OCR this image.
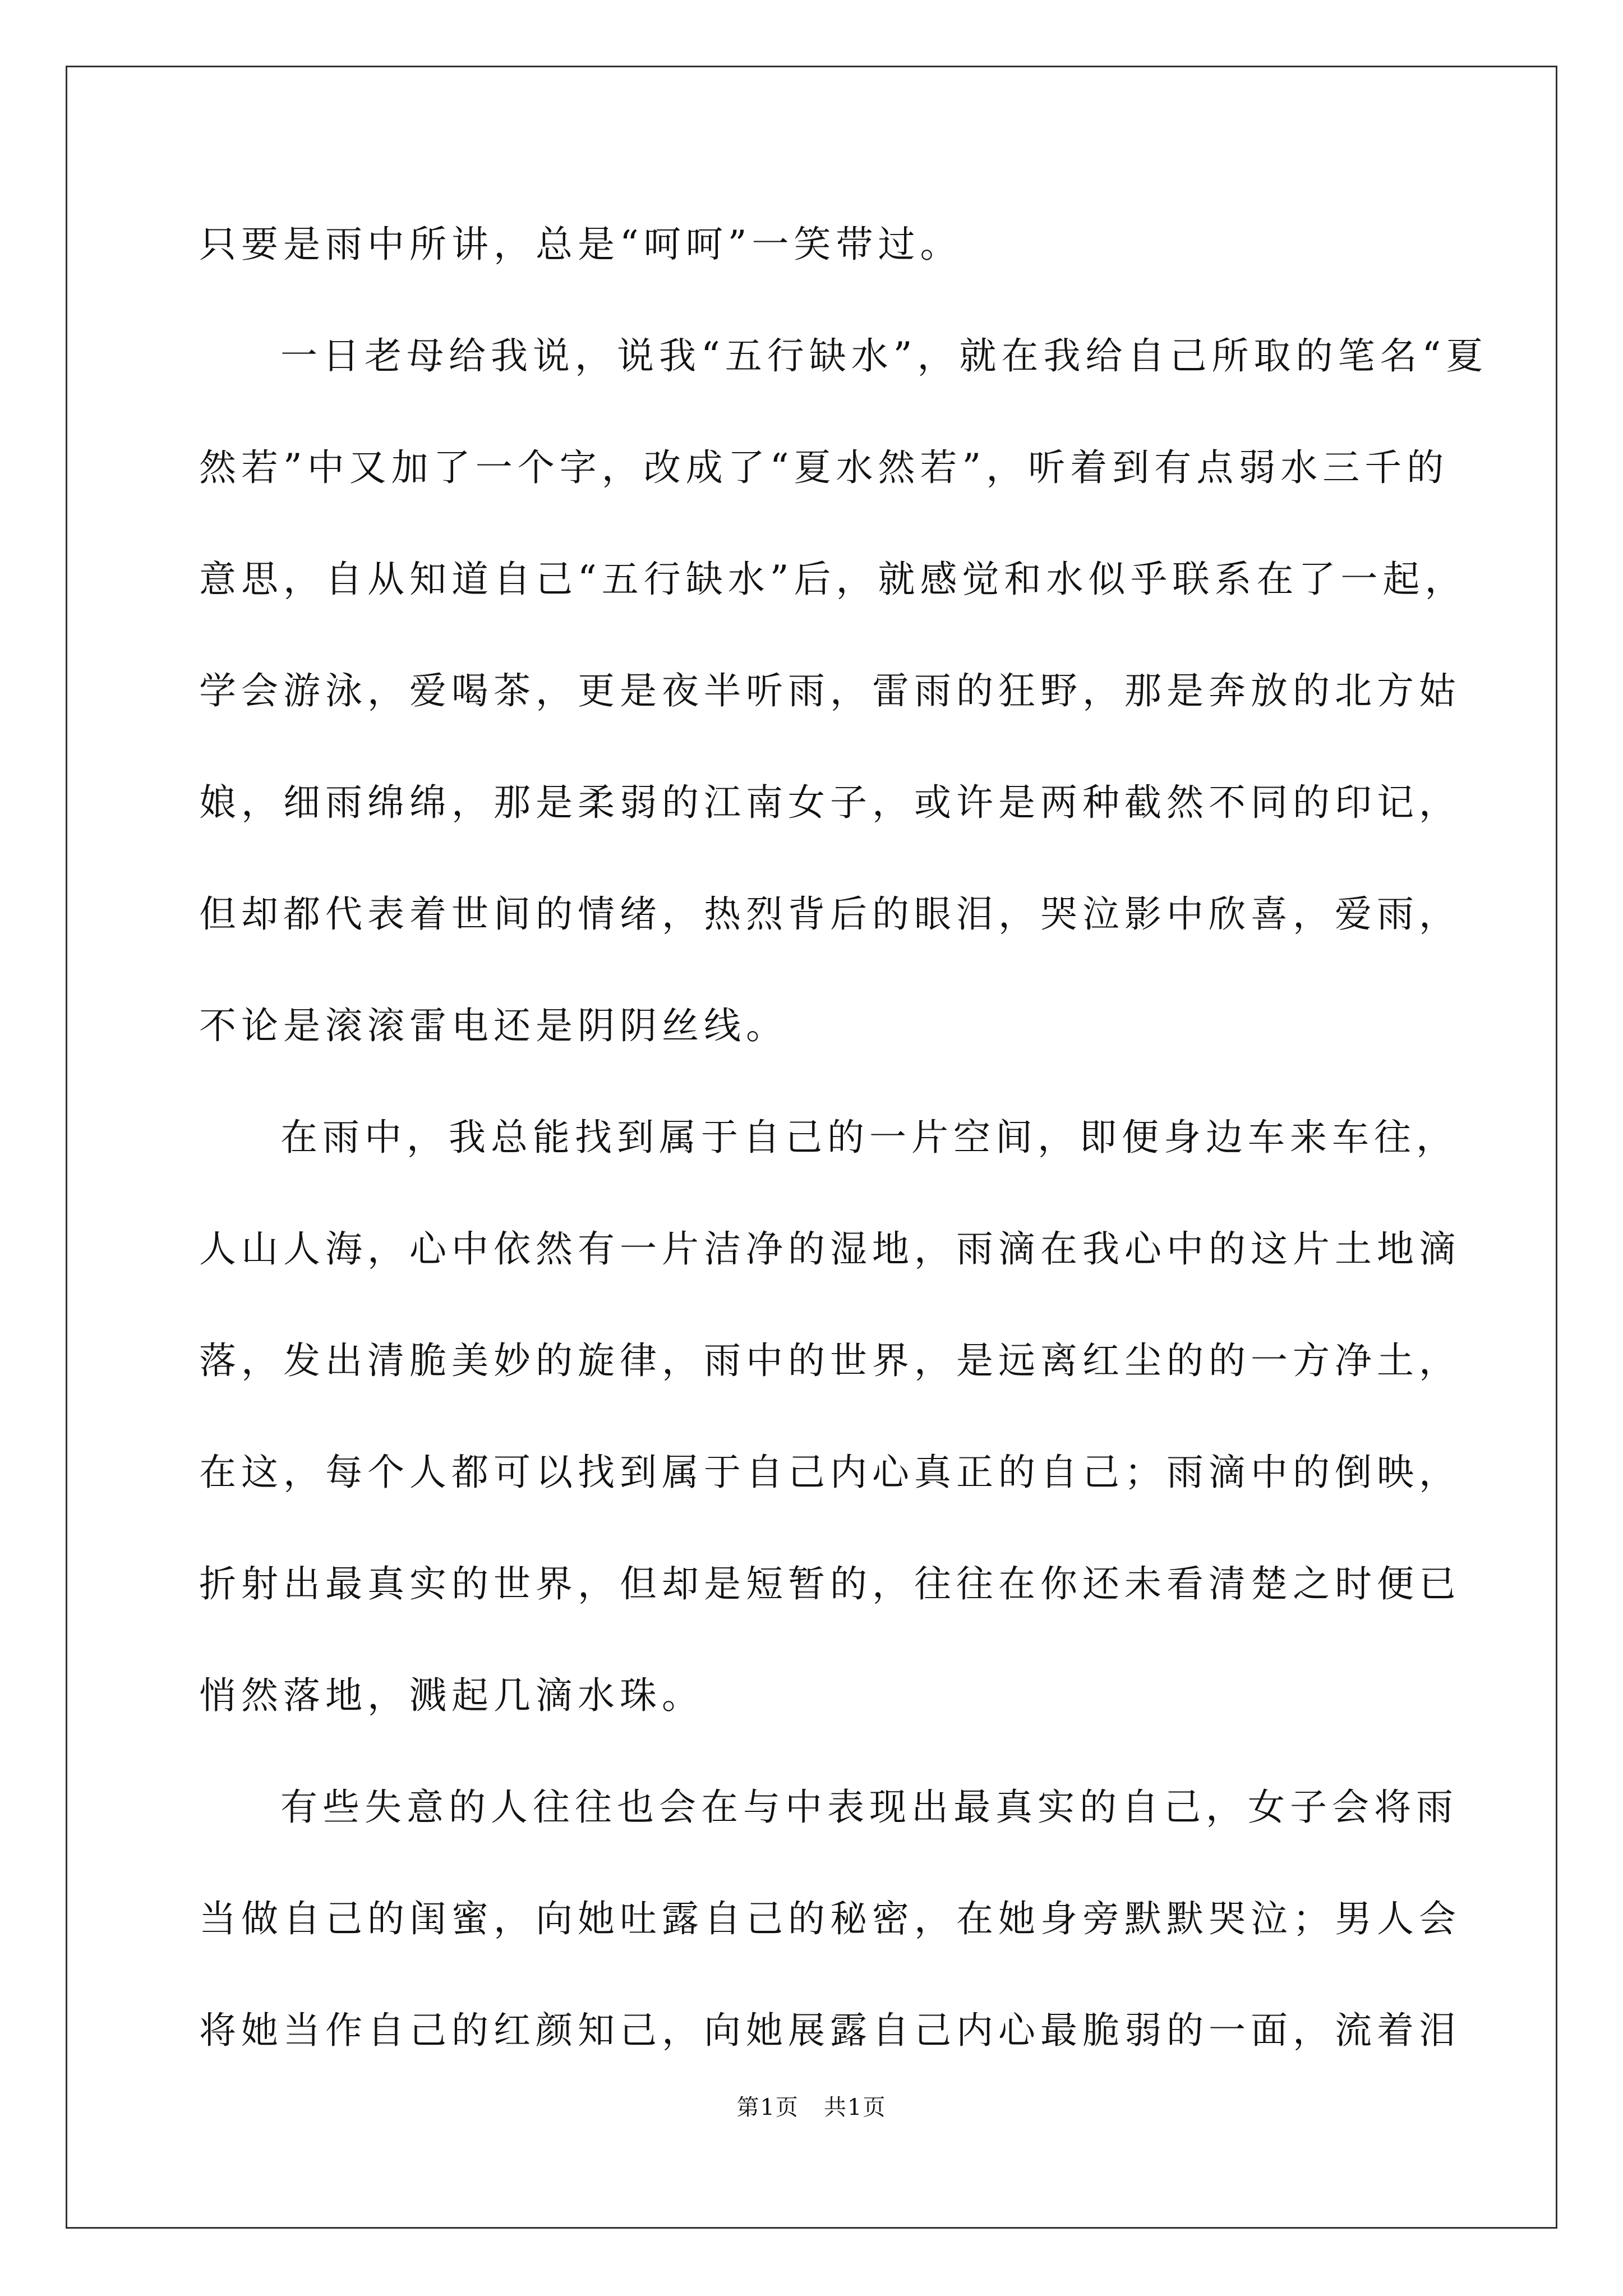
只要是雨中所讲，总是“呵呵”一笑带过。
一日老母给我说，说我“五行缺水”，就在我给自己所取的笔名“夏
然若”中又加了一个字，改成了“夏水然若”，听着到有点弱水三千的
意思，自从知道自己“五行缺水”后，就感觉和水似乎联系在了一起，
学会游泳，爱喝茶，更是夜半听雨，雷雨的狂野，那是奔放的北方姑
娘，细雨绵绵，那是柔弱的江南女子，或许是两种截然不同的印记，
但却都代表着世间的情绪，热烈背后的眼泪，哭泣影中欣喜，爱雨，
不论是滚滚雷电还是阴阴丝线。
在雨中，我总能找到属于自己的一片空间，即便身边车来车往，
人山人海，心中依然有一片洁净的湿地，雨滴在我心中的这片土地滴
落，发出清脆美妙的旋律，雨中的世界，是远离红尘的的一方净土，
在这，每个人都可以找到属于自己内心真正的自己；雨滴中的倒映，
折射出最真实的世界，但却是短暂的，往往在你还未看清楚之时便已
悄然落地，溅起几滴水珠。
有些失意的人往往也会在与中表现出最真实的自己，女子会将雨
当做自己的闺蜜，向她吐露自己的秘密，在她身旁默默哭泣；男人会
将她当作自己的红颜知己，向她展露自己内心最脆弱的一面，流着泪
第1页   共1页
